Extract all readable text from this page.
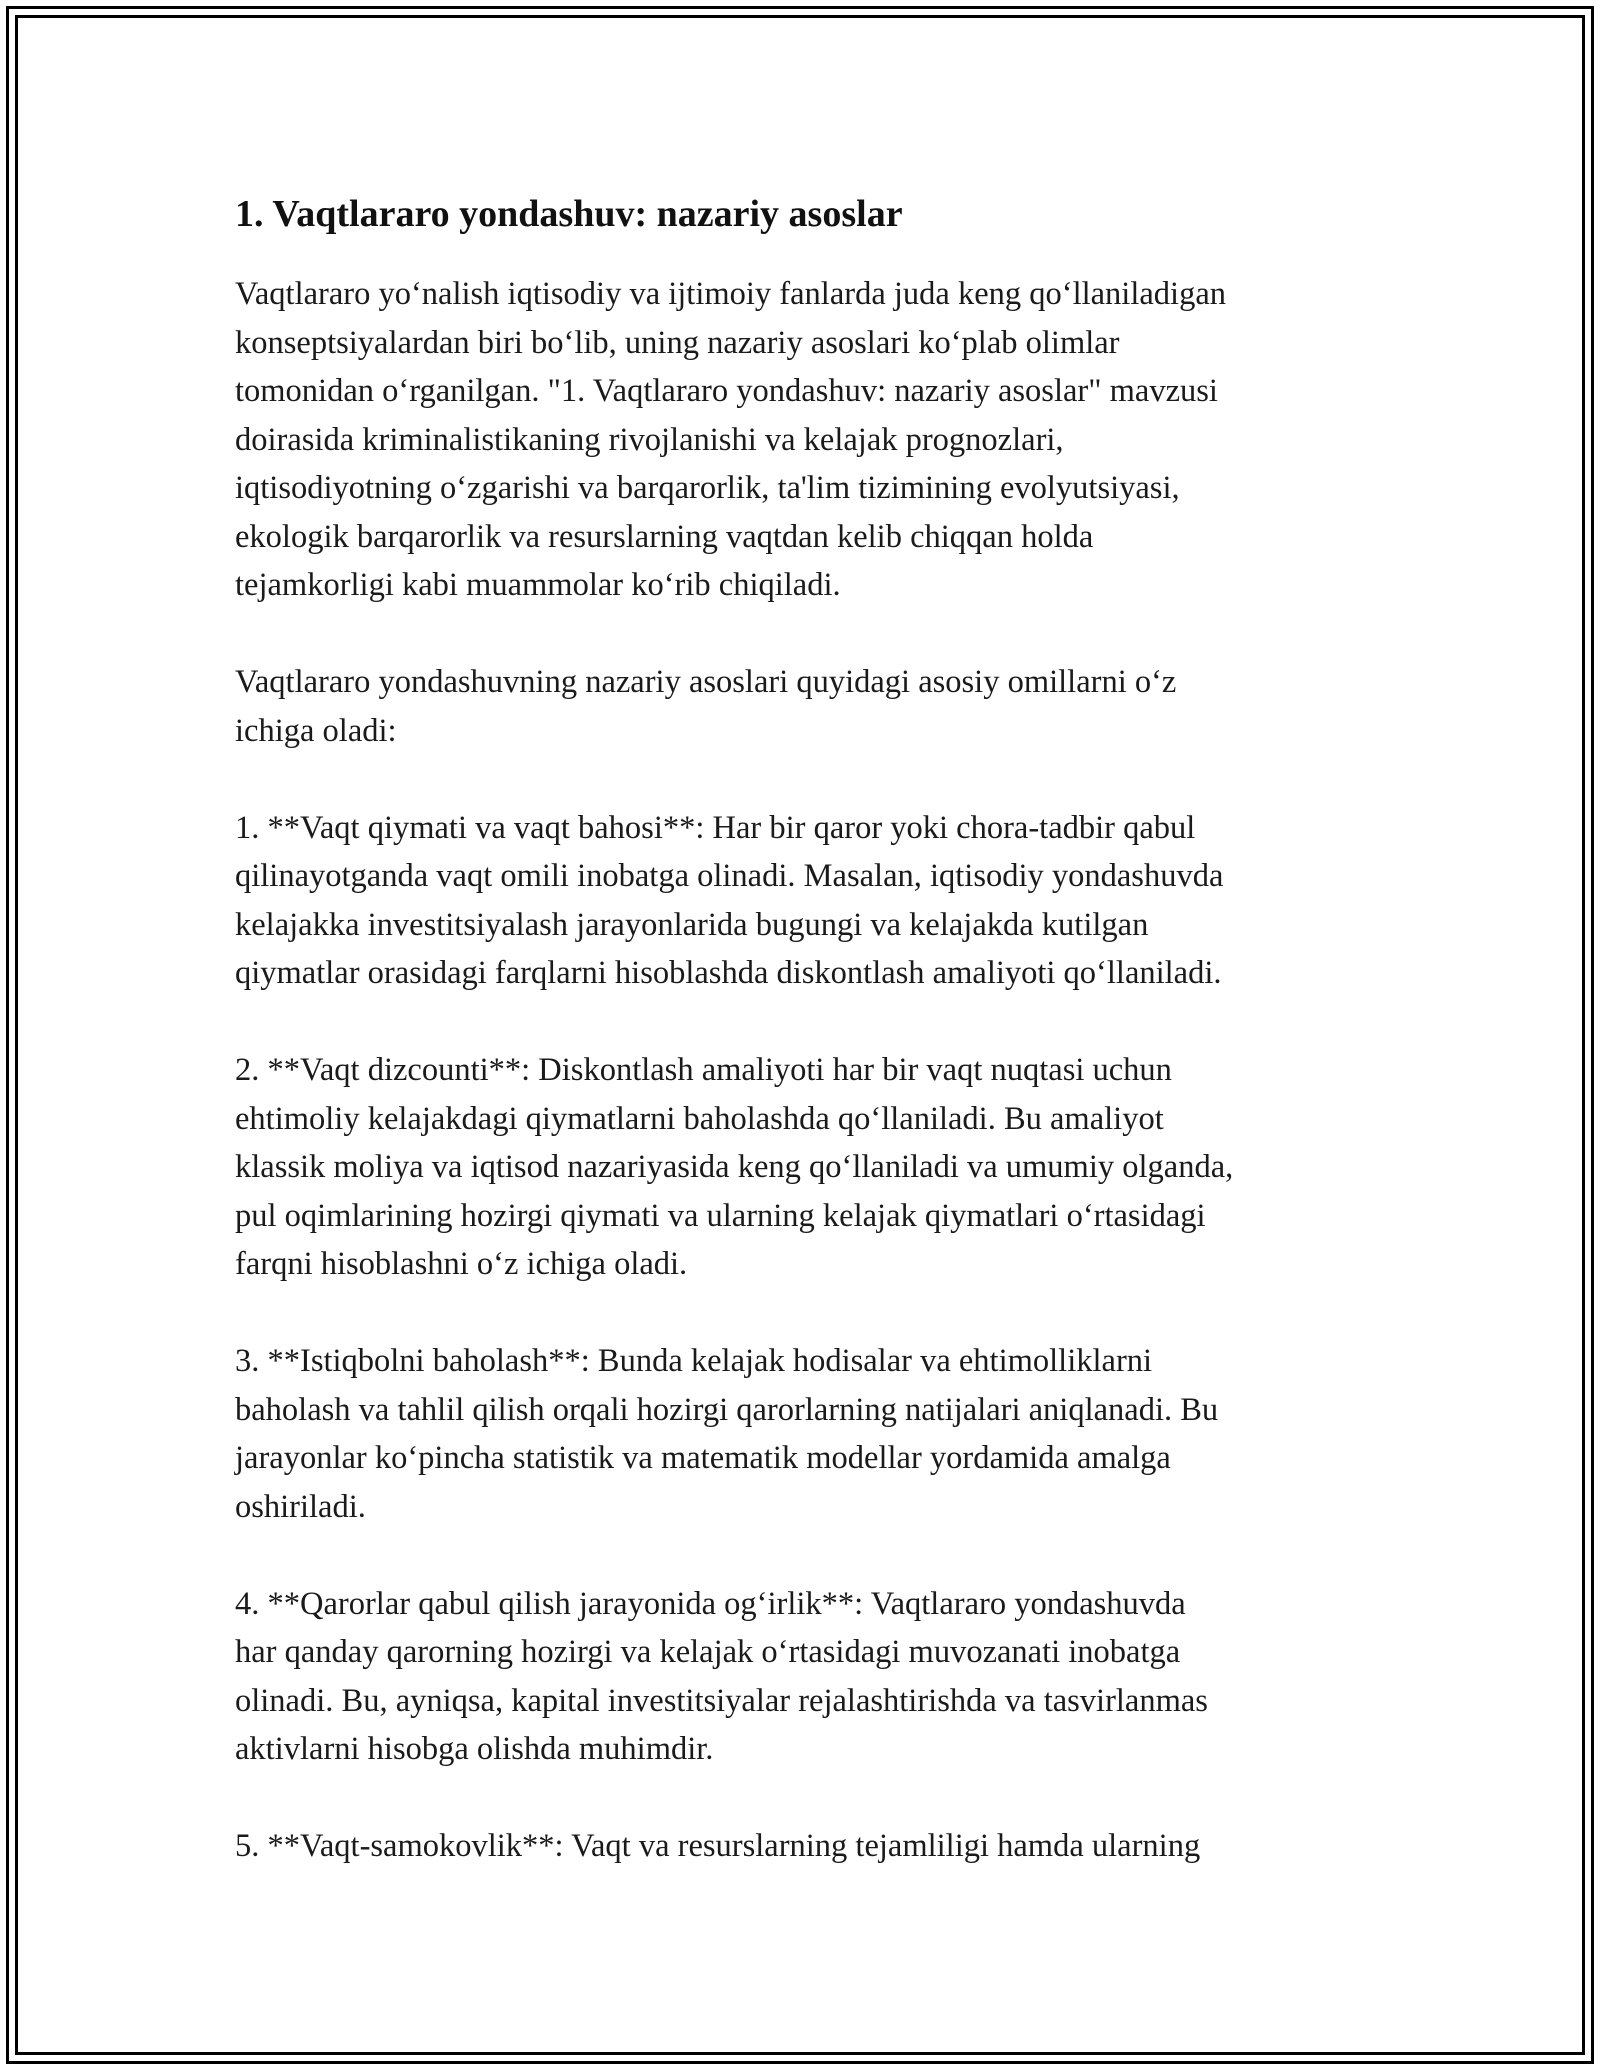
1. Vaqtlararo yondashuv: nazariy asoslar

Vaqtlararo yo‘nalish iqtisodiy va ijtimoiy fanlarda juda keng qo‘llaniladigan
konseptsiyalardan biri bo‘lib, uning nazariy asoslari ko‘plab olimlar
tomonidan o‘rganilgan. "1. Vaqtlararo yondashuv: nazariy asoslar" mavzusi
doirasida kriminalistikaning rivojlanishi va kelajak prognozlari,
iqtisodiyotning o‘zgarishi va barqarorlik, ta'lim tizimining evolyutsiyasi,
ekologik barqarorlik va resurslarning vaqtdan kelib chiqqan holda
tejamkorligi kabi muammolar ko‘rib chiqiladi.

Vaqtlararo yondashuvning nazariy asoslari quyidagi asosiy omillarni o‘z
ichiga oladi:

1. **Vaqt qiymati va vaqt bahosi**: Har bir qaror yoki chora-tadbir qabul
qilinayotganda vaqt omili inobatga olinadi. Masalan, iqtisodiy yondashuvda
kelajakka investitsiyalash jarayonlarida bugungi va kelajakda kutilgan
qiymatlar orasidagi farqlarni hisoblashda diskontlash amaliyoti qo‘llaniladi.

2. **Vaqt dizcounti**: Diskontlash amaliyoti har bir vaqt nuqtasi uchun
ehtimoliy kelajakdagi qiymatlarni baholashda qo‘llaniladi. Bu amaliyot
klassik moliya va iqtisod nazariyasida keng qo‘llaniladi va umumiy olganda,
pul oqimlarining hozirgi qiymati va ularning kelajak qiymatlari o‘rtasidagi
farqni hisoblashni o‘z ichiga oladi.

3. **Istiqbolni baholash**: Bunda kelajak hodisalar va ehtimolliklarni
baholash va tahlil qilish orqali hozirgi qarorlarning natijalari aniqlanadi. Bu
jarayonlar ko‘pincha statistik va matematik modellar yordamida amalga
oshiriladi.

4. **Qarorlar qabul qilish jarayonida og‘irlik**: Vaqtlararo yondashuvda
har qanday qarorning hozirgi va kelajak o‘rtasidagi muvozanati inobatga
olinadi. Bu, ayniqsa, kapital investitsiyalar rejalashtirishda va tasvirlanmas
aktivlarni hisobga olishda muhimdir.

5. **Vaqt-samokovlik**: Vaqt va resurslarning tejamliligi hamda ularning
